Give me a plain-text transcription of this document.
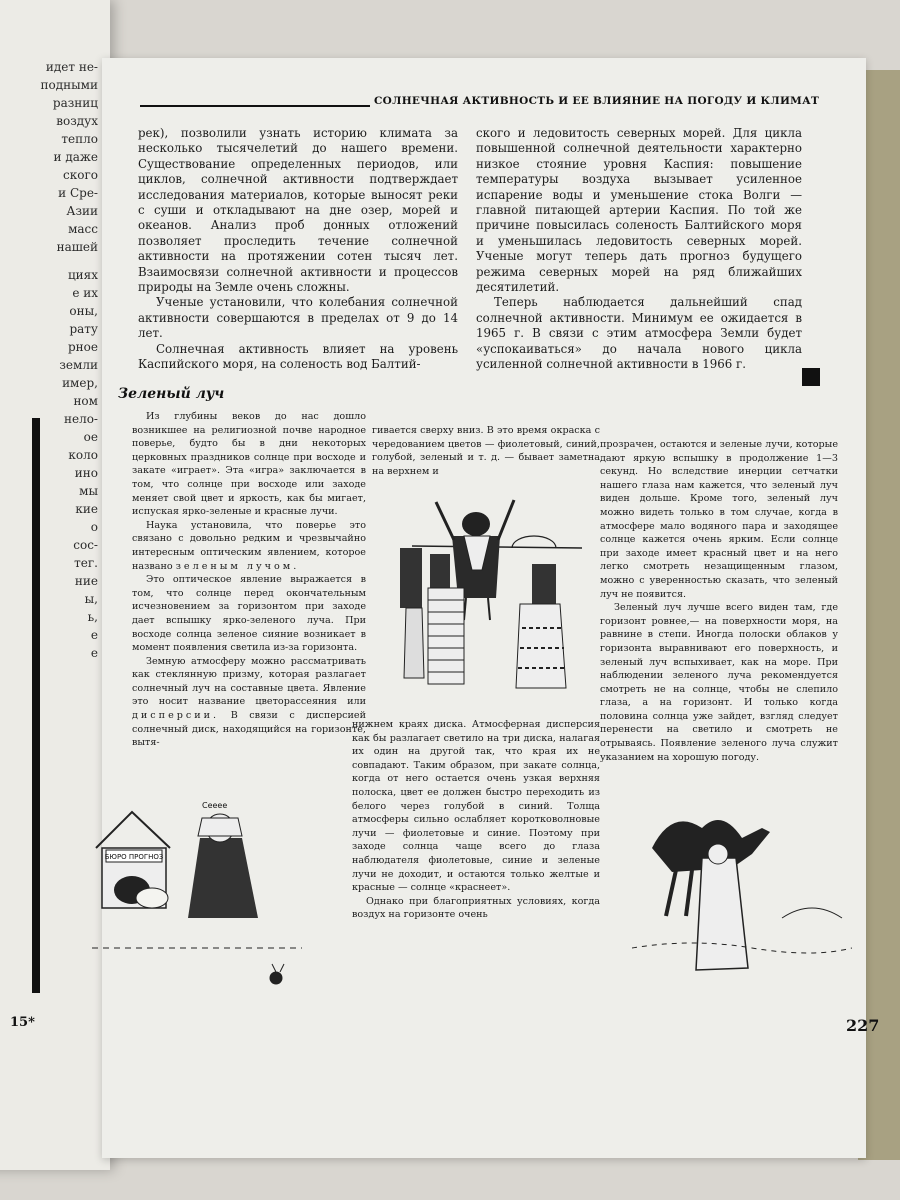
идет не-
подными
разниц
воздух
тепло
и даже
ского
и Сре-
Азии
масс
нашей
циях
е их
оны,
рату
рное
земли
имер,
ном
нело-
ое
коло
ино
мы
кие
о
сос-
тег.
ние
ы,
ь,
е
е
15*
СОЛНЕЧНАЯ АКТИВНОСТЬ И ЕЕ ВЛИЯНИЕ НА ПОГОДУ И КЛИМАТ

рек), позволили узнать историю климата за несколько тысячелетий до нашего времени. Существование определенных периодов, или циклов, солнечной активности подтверждает исследования материалов, которые выносят реки с суши и откладывают на дне озер, морей и океанов. Анализ проб донных отложений позволяет проследить течение солнечной активности на протяжении сотен тысяч лет. Взаимосвязи солнечной активности и процессов природы на Земле очень сложны.

Ученые установили, что колебания солнечной активности совершаются в пределах от 9 до 14 лет.

Солнечная активность влияет на уровень Каспийского моря, на соленость вод Балтий-

ского и ледовитость северных морей. Для цикла повышенной солнечной деятельности характерно низкое стояние уровня Каспия: повышение температуры воздуха вызывает усиленное испарение воды и уменьшение стока Волги — главной питающей артерии Каспия. По той же причине повысилась соленость Балтийского моря и уменьшилась ледовитость северных морей. Ученые могут теперь дать прогноз будущего режима северных морей на ряд ближайших десятилетий.

Теперь наблюдается дальнейший спад солнечной активности. Минимум ее ожидается в 1965 г. В связи с этим атмосфера Земли будет «успокаиваться» до начала нового цикла усиленной солнечной активности в 1966 г.

Зеленый луч

Из глубины веков до нас дошло возникшее на религиозной почве народное поверье, будто бы в дни некоторых церковных праздников солнце при восходе и закате «играет». Эта «игра» заключается в том, что солнце при восходе или заходе меняет свой цвет и яркость, как бы мигает, испуская ярко-зеленые и красные лучи.

Наука установила, что поверье это связано с довольно редким и чрезвычайно интересным оптическим явлением, которое названо зеленым лучом.

Это оптическое явление выражается в том, что солнце перед окончательным исчезновением за горизонтом при заходе дает вспышку ярко-зеленого луча. При восходе солнца зеленое сияние возникает в момент появления светила из-за горизонта.

Земную атмосферу можно рассматривать как стеклянную призму, которая разлагает солнечный луч на составные цвета. Явление это носит название цветорассеяния или дисперсии. В связи с дисперсией солнечный диск, находящийся на горизонте, вытя-

гивается сверху вниз. В это время окраска с чередованием цветов — фиолетовый, синий, голубой, зеленый и т. д. — бывает заметна на верхнем и

нижнем краях диска. Атмосферная дисперсия как бы разлагает светило на три диска, налагая их один на другой так, что края их не совпадают. Таким образом, при закате солнца, когда от него остается очень узкая верхняя полоска, цвет ее должен быстро переходить из белого через голубой в синий. Толща атмосферы сильно ослабляет коротковолновые лучи — фиолетовые и синие. Поэтому при заходе солнца чаще всего до глаза наблюдателя фиолетовые, синие и зеленые лучи не доходит, и остаются только желтые и красные — солнце «краснеет».

Однако при благоприятных условиях, когда воздух на горизонте очень

прозрачен, остаются и зеленые лучи, которые дают яркую вспышку в продолжение 1—3 секунд. Но вследствие инерции сетчатки нашего глаза нам кажется, что зеленый луч виден дольше. Кроме того, зеленый луч можно видеть только в том случае, когда в атмосфере мало водяного пара и заходящее солнце кажется очень ярким. Если солнце при заходе имеет красный цвет и на него легко смотреть незащищенным глазом, можно с уверенностью сказать, что зеленый луч не появится.

Зеленый луч лучше всего виден там, где горизонт ровнее,— на поверхности моря, на равнине в степи. Иногда полоски облаков у горизонта выравнивают его поверхность, и зеленый луч вспыхивает, как на море. При наблюдении зеленого луча рекомендуется смотреть не на солнце, чтобы не слепило глаза, а на горизонт. И только когда половина солнца уже зайдет, взгляд следует перенести на светило и смотреть не отрываясь. Появление зеленого луча служит указанием на хорошую погоду.

БЮРО ПРОГНОЗ
Сееее
227
